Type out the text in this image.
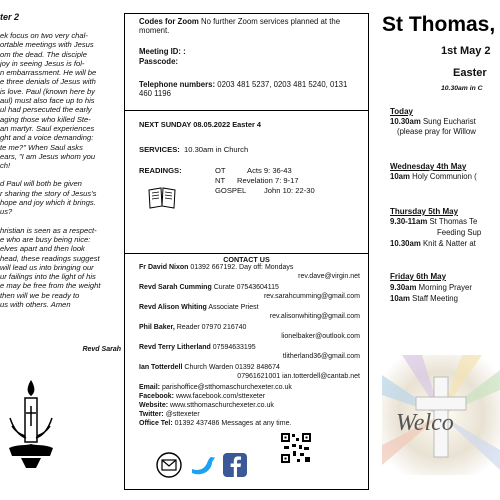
ter 2

ek focus on two very chal-
ortable meetings with Jesus
om the dead. The disciple
joy in seeing Jesus is fol-
n embarrassment. He will be
e three denials of Jesus with
is love. Paul (known here by
aul) must also face up to his
ul had persecuted the early
aging those who killed Ste-
an martyr. Saul experiences
ght and a voice demanding:
te me?" When Saul asks
ears, "I am Jesus whom you
ch!

d Paul will both be given
r sharing the story of Jesus's
hope and joy which it brings.
us?

hristian is seen as a respect-
e who are busy being nice:
elves apart and then look
head, these readings suggest
will lead us into bringing our
ur failings into the light of his
e may be free from the weight
then will we be ready to
us with others. Amen

Revd Sarah
Codes for Zoom No further Zoom services planned at the moment.
Meeting ID: :
Passcode:
Telephone numbers: 0203 481 5237, 0203 481 5240, 0131 460 1196
NEXT SUNDAY 08.05.2022 Easter 4
SERVICES: 10.30am in Church
READINGS:	OT	Acts 9: 36-43
NT Revelation 7: 9-17
GOSPEL John 10: 22-30
CONTACT US
Fr David Nixon 01392 667192. Day off: Mondays
rev.dave@virgin.net
Revd Sarah Cumming Curate 07543604115
rev.sarahcumming@gmail.com
Revd Alison Whiting Associate Priest
rev.alisonwhiting@gmail.com
Phil Baker, Reader 07970 216740
lionelbaker@outlook.com
Revd Terry Litherland 07594633195
tlitherland36@gmail.com
Ian Totterdell Church Warden 01392 848674
07961621001 ian.totterdell@cantab.net
Email: parishoffice@stthomaschurchexeter.co.uk
Facebook: www.facebook.com/sttexeter
Website: www.stthomaschurchexeter.co.uk
Twitter: @sttexeter
Office Tel: 01392 437486 Messages at any time.
St Thomas,
1st May 2
Easter
10.30am in C
Today
10.30am Sung Eucharist
(please pray for Willow
Wednesday 4th May
10am Holy Communion (
Thursday 5th May
9.30-11am St Thomas Te
Feeding Sup
10.30am Knit & Natter at
Friday 6th May
9.30am Morning Prayer
10am Staff Meeting
Welco
